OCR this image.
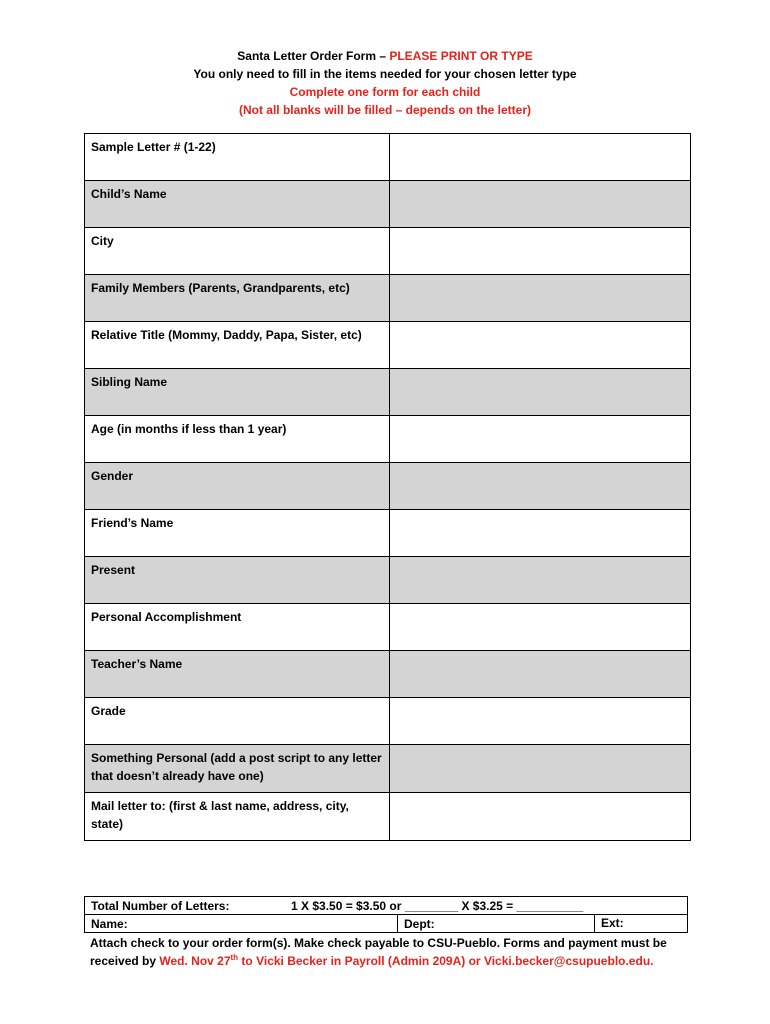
Santa Letter Order Form – PLEASE PRINT OR TYPE
You only need to fill in the items needed for your chosen letter type
Complete one form for each child
(Not all blanks will be filled – depends on the letter)
Sample Letter # (1-22)	
Child’s Name	
City	
Family Members (Parents, Grandparents, etc)	
Relative Title (Mommy, Daddy, Papa, Sister, etc)	
Sibling Name	
Age (in months if less than 1 year)	
Gender	
Friend’s Name	
Present	
Personal Accomplishment	
Teacher’s Name	
Grade	
Something Personal (add a post script to any letter that doesn’t already have one)	
Mail letter to: (first & last name, address, city, state)	
Total Number of Letters:	1 X $3.50 = $3.50 or ________ X $3.25 = __________

Name:	Dept:	Ext:
Attach check to your order form(s). Make check payable to CSU-Pueblo. Forms and payment must be
received by Wed. Nov 27th to Vicki Becker in Payroll (Admin 209A) or Vicki.becker@csupueblo.edu.
